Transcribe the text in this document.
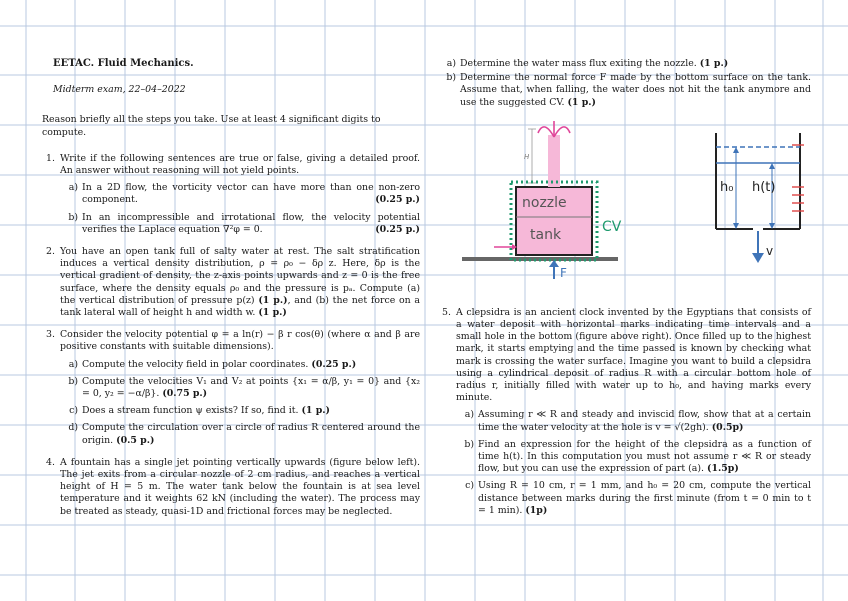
EETAC. Fluid Mechanics.
Midterm exam, 22–04–2022
Reason briefly all the steps you take. Use at least 4 significant digits to compute.
1. Write if the following sentences are true or false, giving a detailed proof. An answer without reasoning will not yield points.
a) In a 2D flow, the vorticity vector can have more than one non-zero component.	(0.25 p.)
b) In an incompressible and irrotational flow, the velocity potential verifies the Laplace equation ∇²φ = 0.	(0.25 p.)
2. You have an open tank full of salty water at rest. The salt stratification induces a vertical density distribution, ρ = ρ₀ − δρ z. Here, δρ is the vertical gradient of density, the z-axis points upwards and z = 0 is the free surface, where the density equals ρ₀ and the pressure is pₐ. Compute (a) the vertical distribution of pressure p(z) (1 p.), and (b) the net force on a tank lateral wall of height h and width w. (1 p.)
3. Consider the velocity potential φ = a ln(r) − β r cos(θ) (where α and β are positive constants with suitable dimensions).
a) Compute the velocity field in polar coordinates. (0.25 p.)
b) Compute the velocities V₁ and V₂ at points {x₁ = α/β, y₁ = 0} and {x₂ = 0, y₂ = −α/β}. (0.75 p.)
c) Does a stream function ψ exists? If so, find it. (1 p.)
d) Compute the circulation over a circle of radius R centered around the origin. (0.5 p.)
4. A fountain has a single jet pointing vertically upwards (figure below left). The jet exits from a circular nozzle of 2 cm radius, and reaches a vertical height of H = 5 m. The water tank below the fountain is at sea level temperature and it weights 62 kN (including the water). The process may be treated as steady, quasi-1D and frictional forces may be neglected.
a) Determine the water mass flux exiting the nozzle. (1 p.)
b) Determine the normal force F made by the bottom surface on the tank. Assume that, when falling, the water does not hit the tank anymore and use the suggested CV. (1 p.)
H
nozzle
tank	CV
F
h₀ h(t)
v
5. A clepsidra is an ancient clock invented by the Egyptians that consists of a water deposit with horizontal marks indicating time intervals and a small hole in the bottom (figure above right). Once filled up to the highest mark, it starts emptying and the time passed is known by checking what mark is crossing the water surface. Imagine you want to build a clepsidra using a cylindrical deposit of radius R with a circular bottom hole of radius r, initially filled with water up to h₀, and having marks every minute.
a) Assuming r ≪ R and steady and inviscid flow, show that at a certain time the water velocity at the hole is v = √(2gh). (0.5p)
b) Find an expression for the height of the clepsidra as a function of time h(t). In this computation you must not assume r ≪ R or steady flow, but you can use the expression of part (a). (1.5p)
c) Using R = 10 cm, r = 1 mm, and h₀ = 20 cm, compute the vertical distance between marks during the first minute (from t = 0 min to t = 1 min). (1p)
